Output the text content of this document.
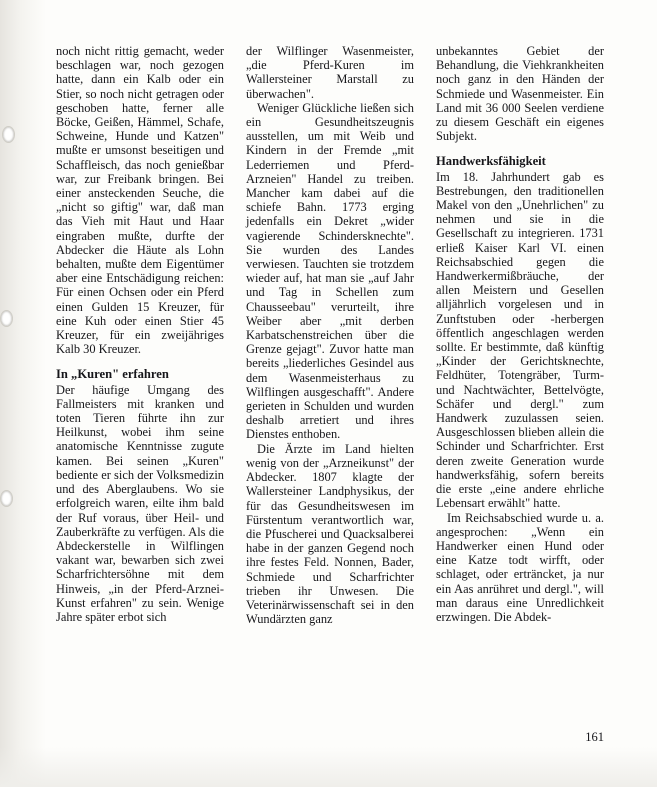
noch nicht rittig gemacht, weder beschlagen war, noch gezogen hatte, dann ein Kalb oder ein Stier, so noch nicht getragen oder geschoben hatte, ferner alle Böcke, Geißen, Hämmel, Schafe, Schweine, Hunde und Katzen" mußte er umsonst beseitigen und Schaffleisch, das noch genießbar war, zur Freibank bringen. Bei einer ansteckenden Seuche, die „nicht so giftig" war, daß man das Vieh mit Haut und Haar eingraben mußte, durfte der Abdecker die Häute als Lohn behalten, mußte dem Eigentümer aber eine Entschädigung reichen: Für einen Ochsen oder ein Pferd einen Gulden 15 Kreuzer, für eine Kuh oder einen Stier 45 Kreuzer, für ein zweijähriges Kalb 30 Kreuzer.

In „Kuren" erfahren

Der häufige Umgang des Fallmeisters mit kranken und toten Tieren führte ihn zur Heilkunst, wobei ihm seine anatomische Kenntnisse zugute kamen. Bei seinen „Kuren" bediente er sich der Volksmedizin und des Aberglaubens. Wo sie erfolgreich waren, eilte ihm bald der Ruf voraus, über Heil- und Zauberkräfte zu verfügen. Als die Abdeckerstelle in Wilflingen vakant war, bewarben sich zwei Scharfrichtersöhne mit dem Hinweis, „in der Pferd-Arznei-Kunst erfahren" zu sein. Wenige Jahre später erbot sich

der Wilflinger Wasenmeister, „die Pferd-Kuren im Wallersteiner Marstall zu überwachen".

Weniger Glückliche ließen sich ein Gesundheitszeugnis ausstellen, um mit Weib und Kindern in der Fremde „mit Lederriemen und Pferd-Arzneien" Handel zu treiben. Mancher kam dabei auf die schiefe Bahn. 1773 erging jedenfalls ein Dekret „wider vagierende Schindersknechte". Sie wurden des Landes verwiesen. Tauchten sie trotzdem wieder auf, hat man sie „auf Jahr und Tag in Schellen zum Chausseebau" verurteilt, ihre Weiber aber „mit derben Karbatschenstreichen über die Grenze gejagt". Zuvor hatte man bereits „liederliches Gesindel aus dem Wasenmeisterhaus zu Wilflingen ausgeschafft". Andere gerieten in Schulden und wurden deshalb arretiert und ihres Dienstes enthoben.

Die Ärzte im Land hielten wenig von der „Arzneikunst" der Abdecker. 1807 klagte der Wallersteiner Landphysikus, der für das Gesundheitswesen im Fürstentum verantwortlich war, die Pfuscherei und Quacksalberei habe in der ganzen Gegend noch ihre festes Feld. Nonnen, Bader, Schmiede und Scharfrichter trieben ihr Unwesen. Die Veterinärwissenschaft sei in den Wundärzten ganz

unbekanntes Gebiet der Behandlung, die Viehkrankheiten noch ganz in den Händen der Schmiede und Wasenmeister. Ein Land mit 36 000 Seelen verdiene zu diesem Geschäft ein eigenes Subjekt.

Handwerksfähigkeit

Im 18. Jahrhundert gab es Bestrebungen, den traditionellen Makel von den „Unehrlichen" zu nehmen und sie in die Gesellschaft zu integrieren. 1731 erließ Kaiser Karl VI. einen Reichsabschied gegen die Handwerkermißbräuche, der allen Meistern und Gesellen alljährlich vorgelesen und in Zunftstuben oder -herbergen öffentlich angeschlagen werden sollte. Er bestimmte, daß künftig „Kinder der Gerichtsknechte, Feldhüter, Totengräber, Turm- und Nachtwächter, Bettelvögte, Schäfer und dergl." zum Handwerk zuzulassen seien. Ausgeschlossen blieben allein die Schinder und Scharfrichter. Erst deren zweite Generation wurde handwerksfähig, sofern bereits die erste „eine andere ehrliche Lebensart erwählt" hatte.

Im Reichsabschied wurde u. a. angesprochen: „Wenn ein Handwerker einen Hund oder eine Katze todt wirfft, oder schlaget, oder erträncket, ja nur ein Aas anrühret und dergl.", will man daraus eine Unredlichkeit erzwingen. Die Abdek-

161
